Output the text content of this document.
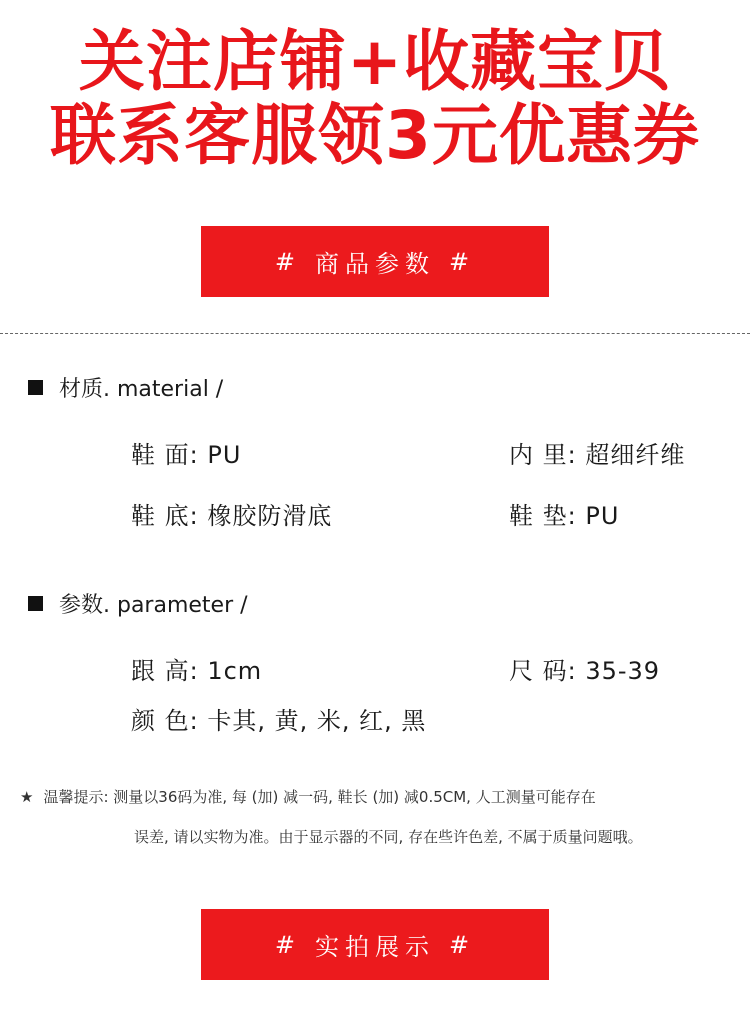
关注店铺+收藏宝贝
联系客服领3元优惠券
# 商品参数 #
材质. material /
鞋 面: PU	内 里: 超细纤维
鞋 底: 橡胶防滑底	鞋 垫: PU
参数. parameter /
跟 高: 1cm	尺 码: 35-39
颜 色: 卡其, 黄, 米, 红, 黑
★ 温馨提示: 测量以36码为准, 每 (加) 减一码, 鞋长 (加) 减0.5CM, 人工测量可能存在
误差, 请以实物为准。由于显示器的不同, 存在些许色差, 不属于质量问题哦。
# 实拍展示 #
